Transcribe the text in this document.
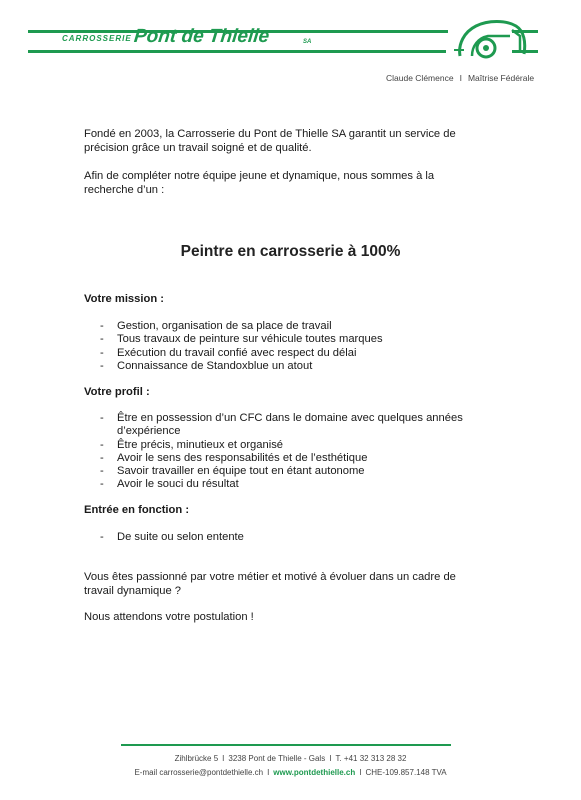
CARROSSERIE Pont de Thielle	SA
Claude Clémence I Maîtrise Fédérale

Fondé en 2003, la Carrosserie du Pont de Thielle SA garantit un service de
précision grâce un travail soigné et de qualité.

Afin de compléter notre équipe jeune et dynamique, nous sommes à la
recherche d’un :

Peintre en carrosserie à 100%
Votre mission :
- Gestion, organisation de sa place de travail
- Tous travaux de peinture sur véhicule toutes marques
- Exécution du travail confié avec respect du délai
- Connaissance de Standoxblue un atout
Votre profil :
- Être en possession d’un CFC dans le domaine avec quelques années
d’expérience
- Être précis, minutieux et organisé
- Avoir le sens des responsabilités et de l’esthétique
- Savoir travailler en équipe tout en étant autonome
- Avoir le souci du résultat
Entrée en fonction :
- De suite ou selon entente

Vous êtes passionné par votre métier et motivé à évoluer dans un cadre de
travail dynamique ?

Nous attendons votre postulation !

Zihlbrücke 5 I 3238 Pont de Thielle - Gals I T. +41 32 313 28 32
E-mail carrosserie@pontdethielle.ch I www.pontdethielle.ch I CHE-109.857.148 TVA
